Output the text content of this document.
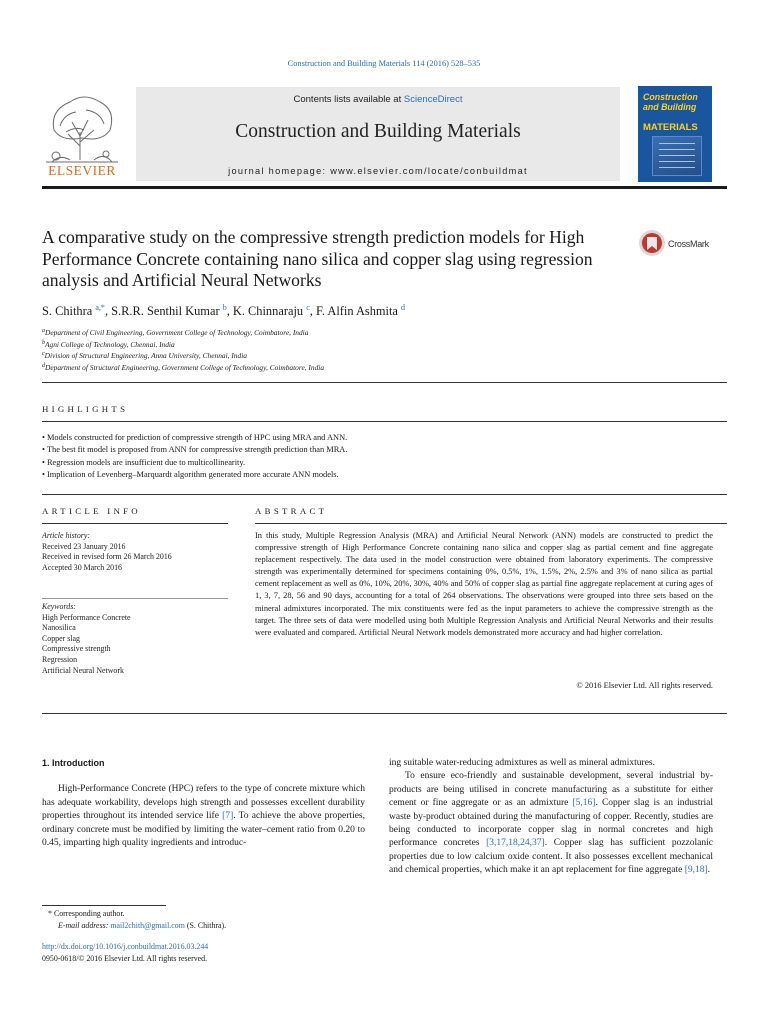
Construction and Building Materials 114 (2016) 528–535
ELSEVIER
Contents lists available at ScienceDirect
Construction and Building Materials
journal homepage: www.elsevier.com/locate/conbuildmat
Construction and Building
MATERIALS
A comparative study on the compressive strength prediction models for High Performance Concrete containing nano silica and copper slag using regression analysis and Artificial Neural Networks
CrossMark
S. Chithra $^{a,*}$, S.R.R. Senthil Kumar $^b$, K. Chinnaraju $^c$, F. Alfin Ashmita $^d$
$^a$Department of Civil Engineering, Government College of Technology, Coimbatore, India
$^b$Agni College of Technology, Chennai, India
$^c$Division of Structural Engineering, Anna University, Chennai, India
$^d$Department of Structural Engineering, Government College of Technology, Coimbatore, India
HIGHLIGHTS
• Models constructed for prediction of compressive strength of HPC using MRA and ANN.
• The best fit model is proposed from ANN for compressive strength prediction than MRA.
• Regression models are insufficient due to multicollinearity.
• Implication of Levenberg–Marquardt algorithm generated more accurate ANN models.
ARTICLE INFO
Article history:
Received 23 January 2016
Received in revised form 26 March 2016
Accepted 30 March 2016
Keywords:
High Performance Concrete
Nanosilica
Copper slag
Compressive strength
Regression
Artificial Neural Network
ABSTRACT
In this study, Multiple Regression Analysis (MRA) and Artificial Neural Network (ANN) models are constructed to predict the compressive strength of High Performance Concrete containing nano silica and copper slag as partial cement and fine aggregate replacement respectively. The data used in the model construction were obtained from laboratory experiments. The compressive strength was experimentally determined for specimens containing 0%, 0.5%, 1%, 1.5%, 2%, 2.5% and 3% of nano silica as partial cement replacement as well as 0%, 10%, 20%, 30%, 40% and 50% of copper slag as partial fine aggregate replacement at curing ages of 1, 3, 7, 28, 56 and 90 days, accounting for a total of 264 observations. The observations were grouped into three sets based on the mineral admixtures incorporated. The mix constituents were fed as the input parameters to achieve the compressive strength as the target. The three sets of data were modelled using both Multiple Regression Analysis and Artificial Neural Networks and their results were evaluated and compared. Artificial Neural Network models demonstrated more accuracy and had higher correlation.
© 2016 Elsevier Ltd. All rights reserved.
1. Introduction

High-Performance Concrete (HPC) refers to the type of concrete mixture which has adequate workability, develops high strength and possesses excellent durability properties throughout its intended service life [7]. To achieve the above properties, ordinary concrete must be modified by limiting the water–cement ratio from 0.20 to 0.45, imparting high quality ingredients and introduc-

ing suitable water-reducing admixtures as well as mineral admixtures.

To ensure eco-friendly and sustainable development, several industrial by-products are being utilised in concrete manufacturing as a substitute for either cement or fine aggregate or as an admixture [5,16]. Copper slag is an industrial waste by-product obtained during the manufacturing of copper. Recently, studies are being conducted to incorporate copper slag in normal concretes and high performance concretes [3,17,18,24,37]. Copper slag has sufficient pozzolanic properties due to low calcium oxide content. It also possesses excellent mechanical and chemical properties, which make it an apt replacement for fine aggregate [9,18].

* Corresponding author.
E-mail address: mail2chith@gmail.com (S. Chithra).
http://dx.doi.org/10.1016/j.conbuildmat.2016.03.244
0950-0618/© 2016 Elsevier Ltd. All rights reserved.
